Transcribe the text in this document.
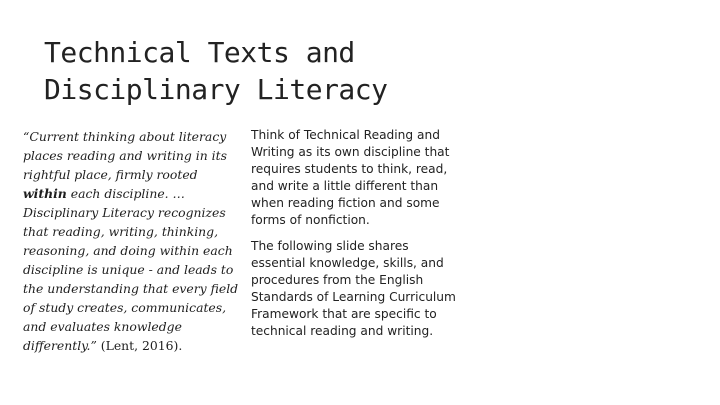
Technical Texts and
Disciplinary Literacy
“Current thinking about literacy places reading and writing in its rightful place, firmly rooted within each discipline. … Disciplinary Literacy recognizes that reading, writing, thinking, reasoning, and doing within each discipline is unique - and leads to the understanding that every field of study creates, communicates, and evaluates knowledge differently.” (Lent, 2016).

Think of Technical Reading and Writing as its own discipline that requires students to think, read, and write a little different than when reading fiction and some forms of nonfiction.

The following slide shares essential knowledge, skills, and procedures from the English Standards of Learning Curriculum Framework that are specific to technical reading and writing.
